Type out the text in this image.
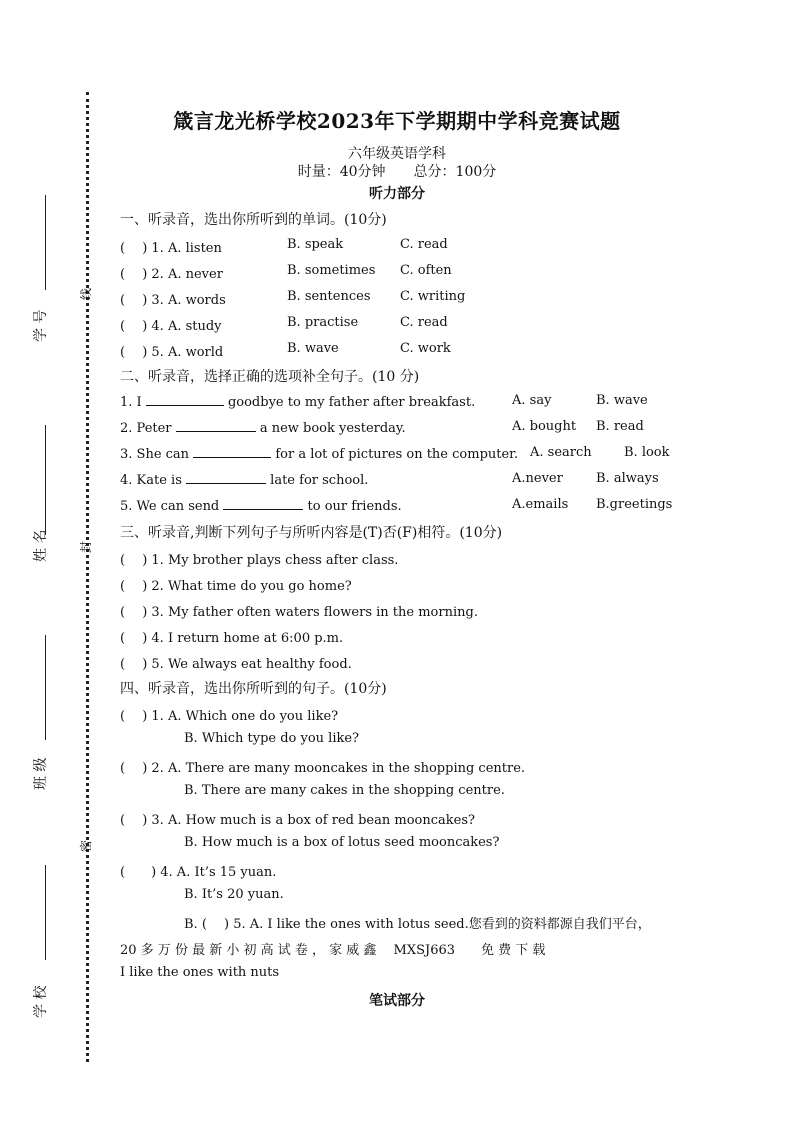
学 号
姓 名
班 级
学 校
线
封
密
箴言龙光桥学校2023年下学期期中学科竞赛试题
六年级英语学科
时量：40分钟　　总分：100分
听力部分
一、听录音，选出你所听到的单词。(10分)
(　 ) 1. A. listen	B. speak	C. read
(　 ) 2. A. never	B. sometimes C. often
(　 ) 3. A. words	B. sentences C. writing
(　 ) 4. A. study	B. practise	C. read
(　 ) 5. A. world	B. wave	C. work
二、听录音，选择正确的选项补全句子。(10 分)
1. I	goodbye to my father after breakfast.	A. say	B. wave
2. Peter	a new book yesterday.	A. bought B. read
3. She can	for a lot of pictures on the computer. A. search B. look
4. Kate is	late for school.	A.never	B. always
5. We can send	to our friends.	A.emails B.greetings
三、听录音,判断下列句子与所听内容是(T)否(F)相符。(10分)
(　 ) 1. My brother plays chess after class.
(　 ) 2. What time do you go home?
(　 ) 3. My father often waters flowers in the morning.
(　 ) 4. I return home at 6:00 p.m.
(　 ) 5. We always eat healthy food.
四、听录音，选出你所听到的句子。(10分)
(　 ) 1. A. Which one do you like?
B. Which type do you like?
(　 ) 2. A. There are many mooncakes in the shopping centre.
B. There are many cakes in the shopping centre.
(　 ) 3. A. How much is a box of red bean mooncakes?
B. How much is a box of lotus seed mooncakes?
(　　) 4. A. It’s 15 yuan.
B. It’s 20 yuan.
B. (　 ) 5. A. I like the ones with lotus seed.您看到的资料都源自我们平台，
20 多 万 份 最 新 小 初 高 试 卷 ， 家 威 鑫　 MXSJ663　　免 费 下 载
I like the ones with nuts
笔试部分
